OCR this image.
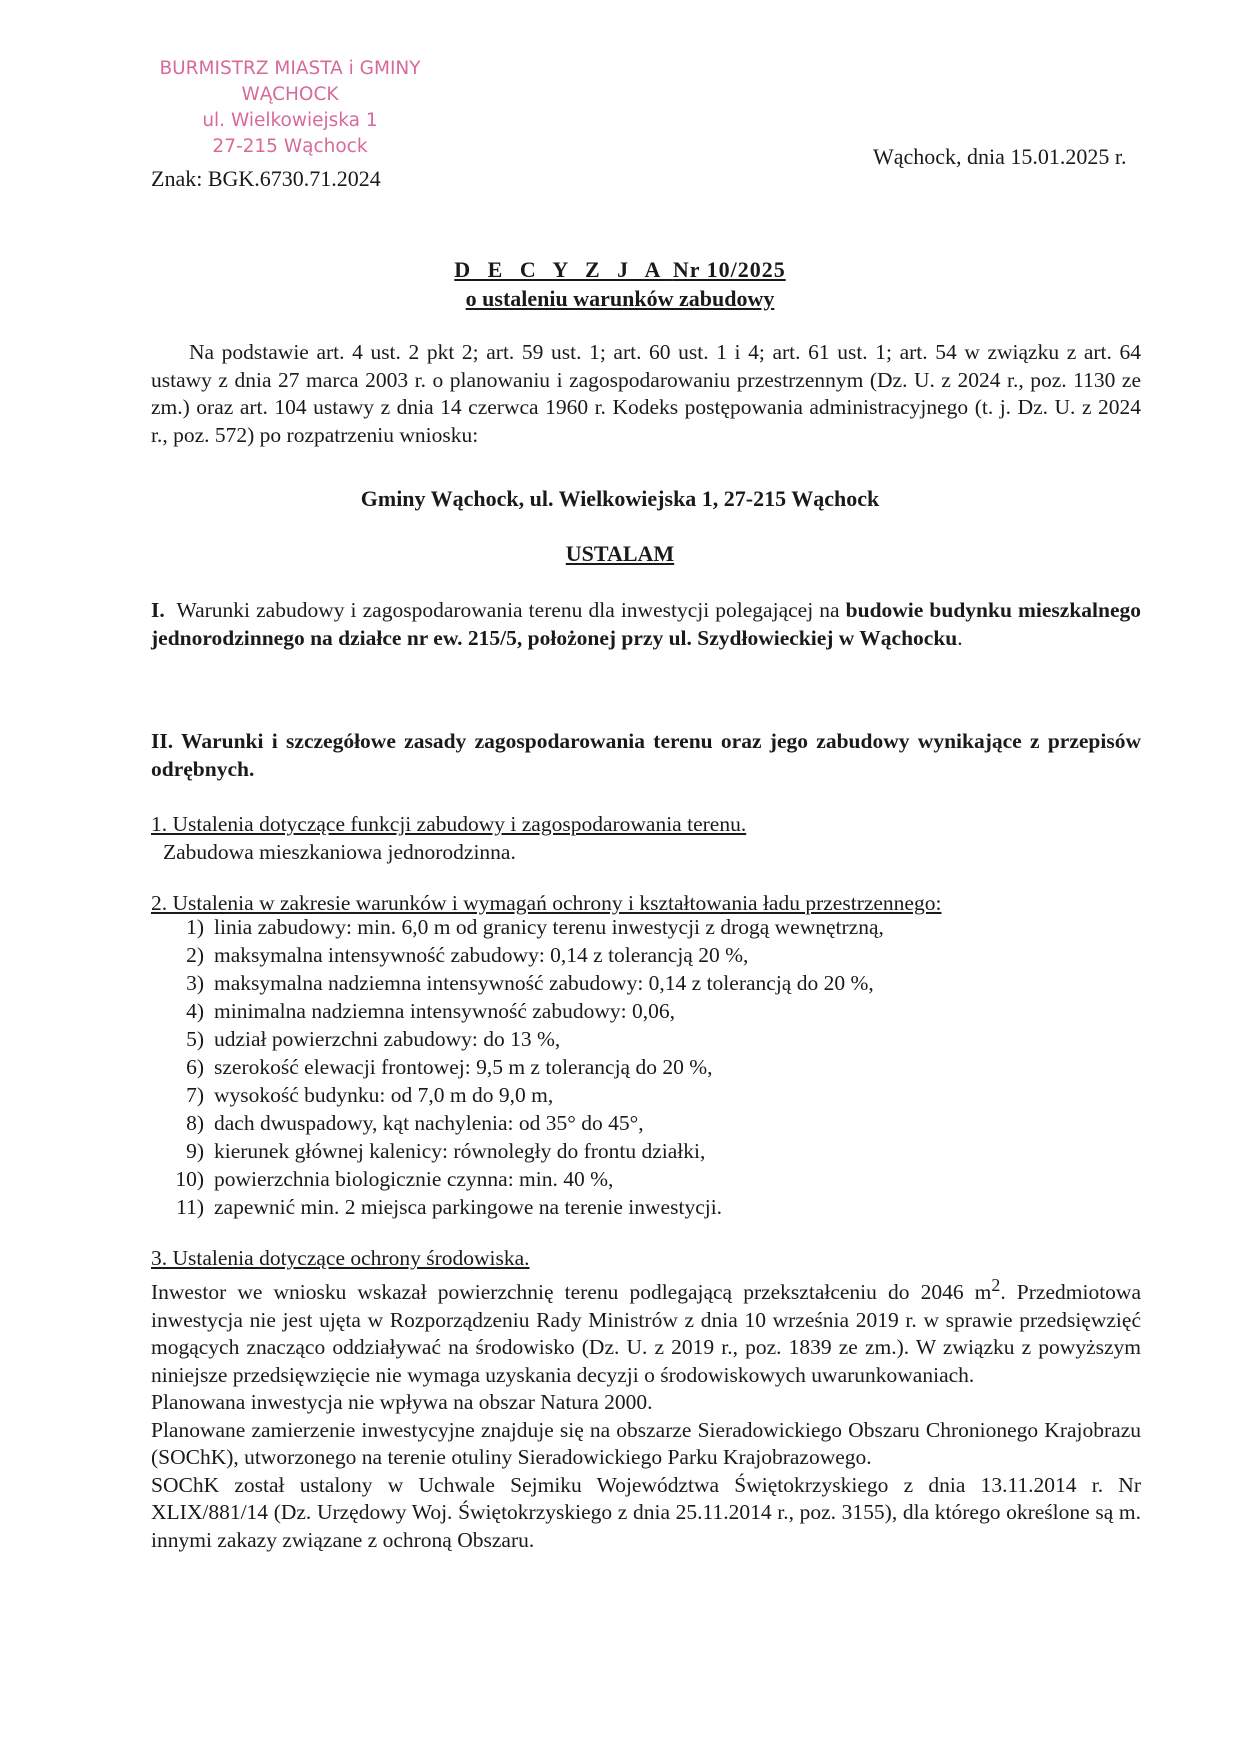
BURMISTRZ MIASTA i GMINY
WĄCHOCK
ul. Wielkowiejska 1
27-215 Wąchock
Znak: BGK.6730.71.2024
Wąchock, dnia 15.01.2025 r.
D E C Y Z J A Nr 10/2025
o ustaleniu warunków zabudowy
Na podstawie art. 4 ust. 2 pkt 2; art. 59 ust. 1; art. 60 ust. 1 i 4; art. 61 ust. 1; art. 54 w związku z art. 64 ustawy z dnia 27 marca 2003 r. o planowaniu i zagospodarowaniu przestrzennym (Dz. U. z 2024 r., poz. 1130 ze zm.) oraz art. 104 ustawy z dnia 14 czerwca 1960 r. Kodeks postępowania administracyjnego (t. j. Dz. U. z 2024 r., poz. 572) po rozpatrzeniu wniosku:
Gminy Wąchock, ul. Wielkowiejska 1, 27-215 Wąchock
USTALAM
I. Warunki zabudowy i zagospodarowania terenu dla inwestycji polegającej na budowie budynku mieszkalnego jednorodzinnego na działce nr ew. 215/5, położonej przy ul. Szydłowieckiej w Wąchocku.
II. Warunki i szczegółowe zasady zagospodarowania terenu oraz jego zabudowy wynikające z przepisów odrębnych.
1. Ustalenia dotyczące funkcji zabudowy i zagospodarowania terenu.
Zabudowa mieszkaniowa jednorodzinna.
2. Ustalenia w zakresie warunków i wymagań ochrony i kształtowania ładu przestrzennego:
1) linia zabudowy: min. 6,0 m od granicy terenu inwestycji z drogą wewnętrzną,
2) maksymalna intensywność zabudowy: 0,14 z tolerancją 20 %,
3) maksymalna nadziemna intensywność zabudowy: 0,14 z tolerancją do 20 %,
4) minimalna nadziemna intensywność zabudowy: 0,06,
5) udział powierzchni zabudowy: do 13 %,
6) szerokość elewacji frontowej: 9,5 m z tolerancją do 20 %,
7) wysokość budynku: od 7,0 m do 9,0 m,
8) dach dwuspadowy, kąt nachylenia: od 35° do 45°,
9) kierunek głównej kalenicy: równoległy do frontu działki,
10) powierzchnia biologicznie czynna: min. 40 %,
11) zapewnić min. 2 miejsca parkingowe na terenie inwestycji.
3. Ustalenia dotyczące ochrony środowiska.

Inwestor we wniosku wskazał powierzchnię terenu podlegającą przekształceniu do 2046 $m^2$. Przedmiotowa inwestycja nie jest ujęta w Rozporządzeniu Rady Ministrów z dnia 10 września 2019 r. w sprawie przedsięwzięć mogących znacząco oddziaływać na środowisko (Dz. U. z 2019 r., poz. 1839 ze zm.). W związku z powyższym niniejsze przedsięwzięcie nie wymaga uzyskania decyzji o środowiskowych uwarunkowaniach.

Planowana inwestycja nie wpływa na obszar Natura 2000.

Planowane zamierzenie inwestycyjne znajduje się na obszarze Sieradowickiego Obszaru Chronionego Krajobrazu (SOChK), utworzonego na terenie otuliny Sieradowickiego Parku Krajobrazowego.

SOChK został ustalony w Uchwale Sejmiku Województwa Świętokrzyskiego z dnia 13.11.2014 r. Nr XLIX/881/14 (Dz. Urzędowy Woj. Świętokrzyskiego z dnia 25.11.2014 r., poz. 3155), dla którego określone są m. innymi zakazy związane z ochroną Obszaru.
